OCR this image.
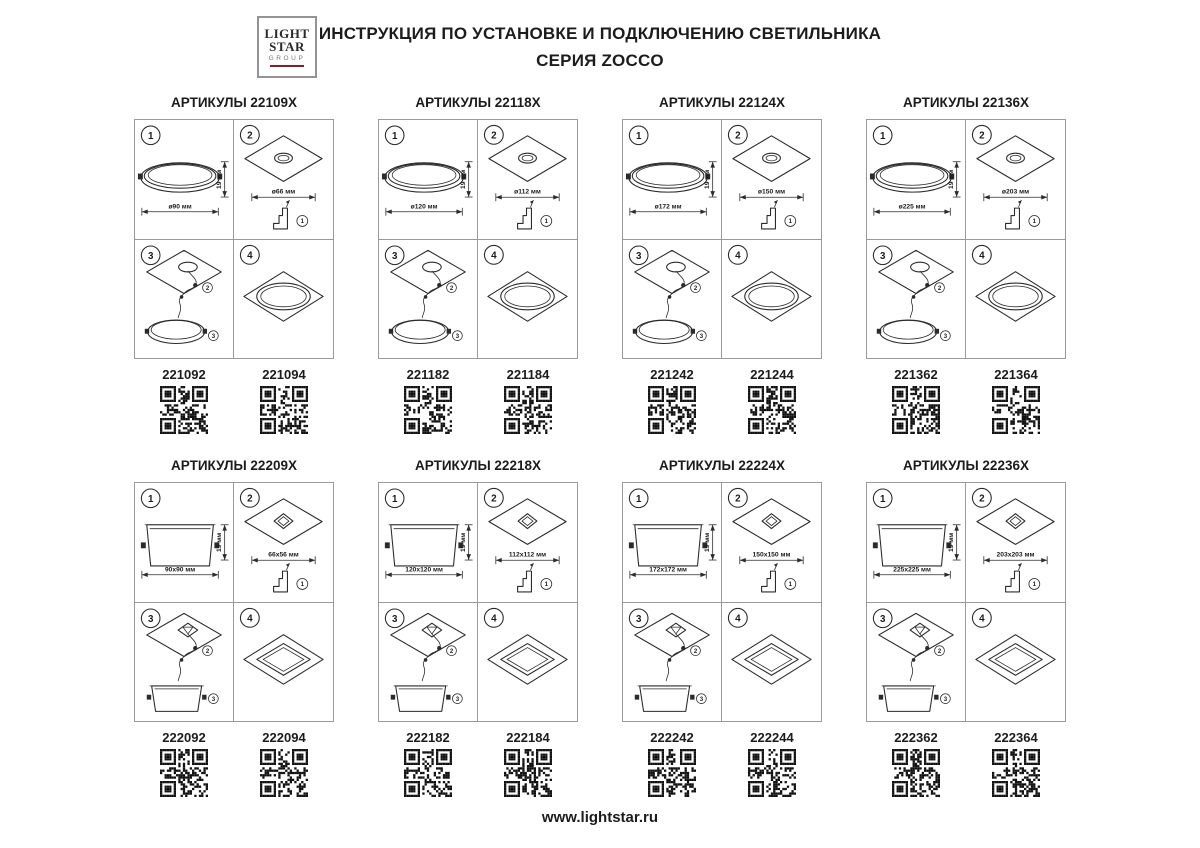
LIGHT
STAR
GROUP
ИНСТРУКЦИЯ ПО УСТАНОВКЕ И ПОДКЛЮЧЕНИЮ СВЕТИЛЬНИКА
СЕРИЯ ZOCCO
АРТИКУЛЫ 22109X
1
ø90 мм
19 мм
2
ø66 мм
1
3
2
3
4
221092	221094
АРТИКУЛЫ 22118X
1
ø120 мм
19 мм
2
ø112 мм
1
3
2
3
4
221182	221184
АРТИКУЛЫ 22124X
1
ø172 мм
19 мм
2
ø150 мм
1
3
2
3
4
221242	221244
АРТИКУЛЫ 22136X
1
ø225 мм
19 мм
2
ø203 мм
1
3
2
3
4
221362	221364
АРТИКУЛЫ 22209X
1
90х90 мм
19 мм
2
66х56 мм
1
3
2
3
4
222092	222094
АРТИКУЛЫ 22218X
1
120х120 мм
19 мм
2
112х112 мм
1
3
2
3
4
222182	222184
АРТИКУЛЫ 22224X
1
172х172 мм
19 мм
2
150х150 мм
1
3
2
3
4
222242	222244
АРТИКУЛЫ 22236X
1
225х225 мм
19 мм
2
203х203 мм
1
3
2
3
4
222362	222364
www.lightstar.ru
